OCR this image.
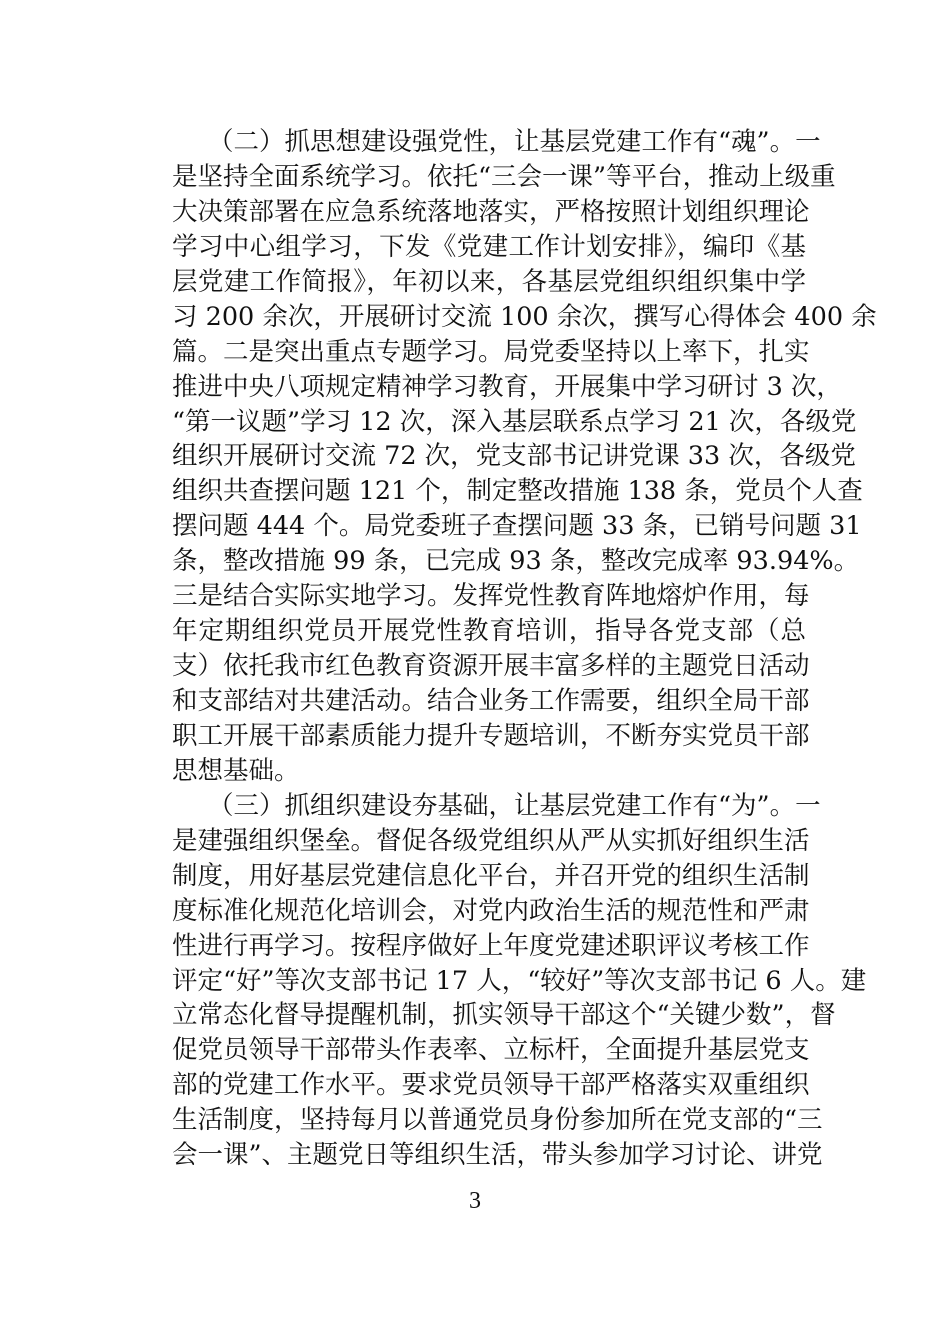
（二）抓思想建设强党性，让基层党建工作有“魂”。一
是坚持全面系统学习。依托“三会一课”等平台，推动上级重
大决策部署在应急系统落地落实，严格按照计划组织理论
学习中心组学习，下发《党建工作计划安排》，编印《基
层党建工作简报》，年初以来，各基层党组织组织集中学
习 200 余次，开展研讨交流 100 余次，撰写心得体会 400 余
篇。二是突出重点专题学习。局党委坚持以上率下，扎实
推进中央八项规定精神学习教育，开展集中学习研讨 3 次，
“第一议题”学习 12 次，深入基层联系点学习 21 次，各级党
组织开展研讨交流 72 次，党支部书记讲党课 33 次，各级党
组织共查摆问题 121 个，制定整改措施 138 条，党员个人查
摆问题 444 个。局党委班子查摆问题 33 条，已销号问题 31
条，整改措施 99 条，已完成 93 条，整改完成率 93.94%。
三是结合实际实地学习。发挥党性教育阵地熔炉作用，每
年定期组织党员开展党性教育培训，指导各党支部（总
支）依托我市红色教育资源开展丰富多样的主题党日活动
和支部结对共建活动。结合业务工作需要，组织全局干部
职工开展干部素质能力提升专题培训，不断夯实党员干部
思想基础。
（三）抓组织建设夯基础，让基层党建工作有“为”。一
是建强组织堡垒。督促各级党组织从严从实抓好组织生活
制度，用好基层党建信息化平台，并召开党的组织生活制
度标准化规范化培训会，对党内政治生活的规范性和严肃
性进行再学习。按程序做好上年度党建述职评议考核工作
评定“好”等次支部书记 17 人，“较好”等次支部书记 6 人。建
立常态化督导提醒机制，抓实领导干部这个“关键少数”，督
促党员领导干部带头作表率、立标杆，全面提升基层党支
部的党建工作水平。要求党员领导干部严格落实双重组织
生活制度，坚持每月以普通党员身份参加所在党支部的“三
会一课”、主题党日等组织生活，带头参加学习讨论、讲党
3
